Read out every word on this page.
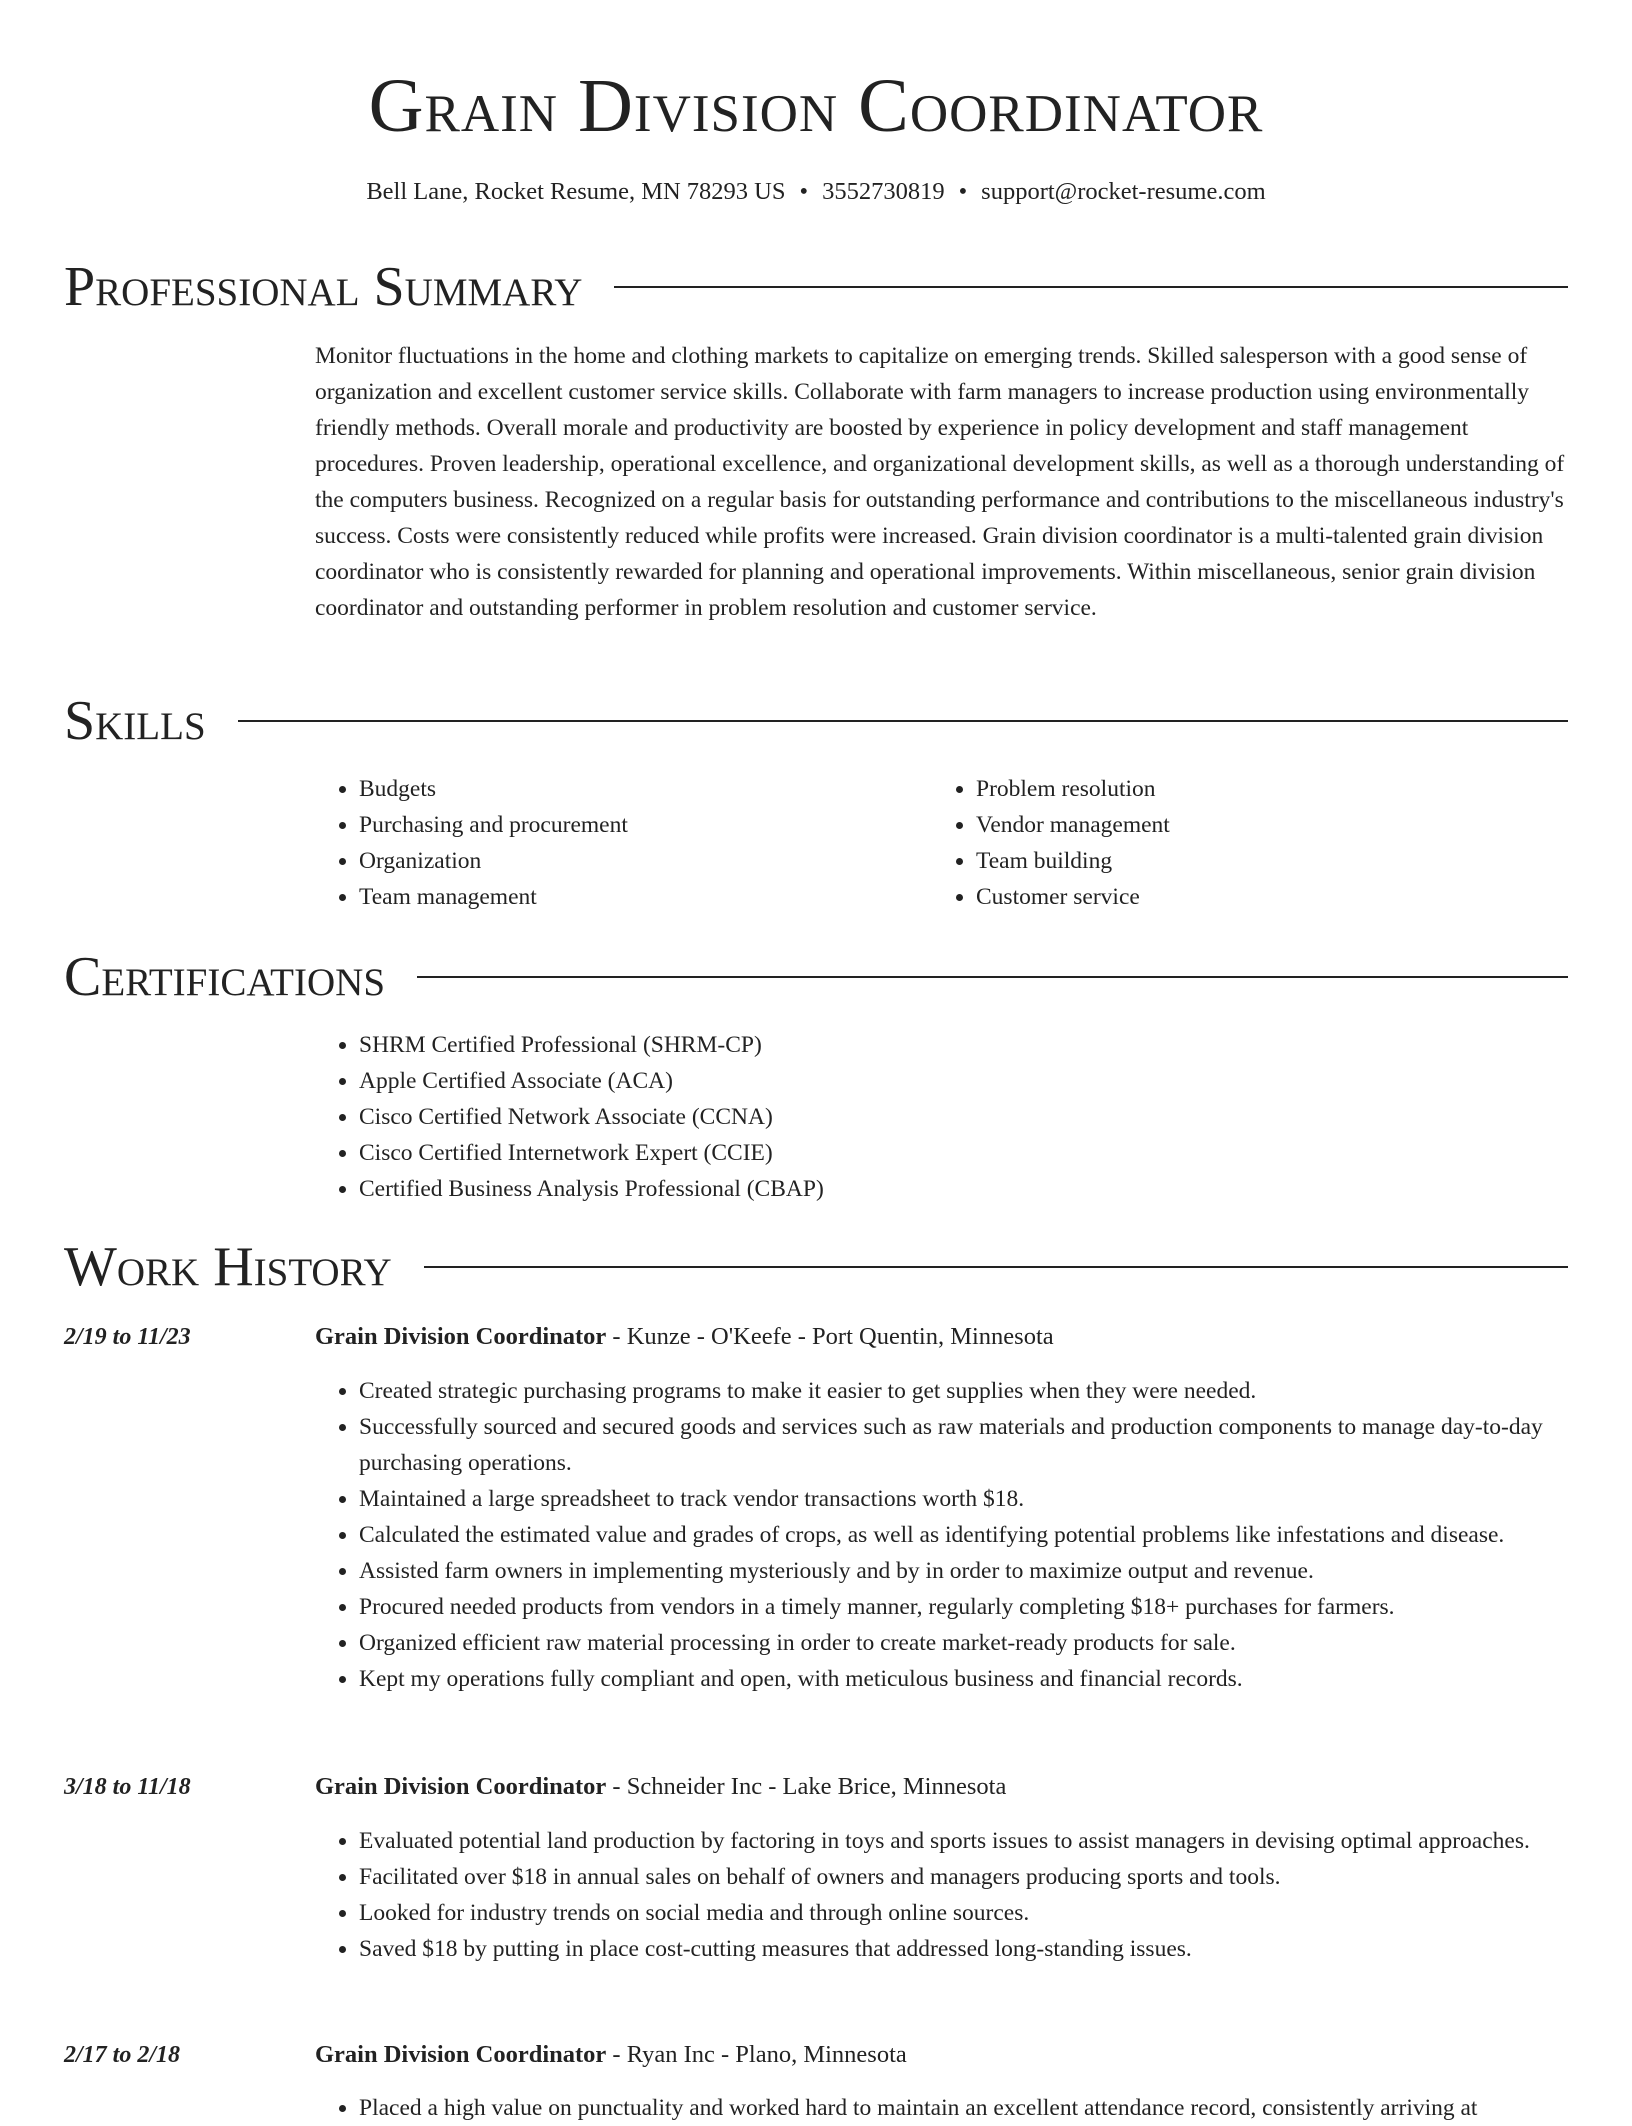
Grain Division Coordinator
Bell Lane, Rocket Resume, MN 78293 US • 3552730819 • support@rocket-resume.com
Professional Summary
Monitor fluctuations in the home and clothing markets to capitalize on emerging trends. Skilled salesperson with a good sense of organization and excellent customer service skills. Collaborate with farm managers to increase production using environmentally friendly methods. Overall morale and productivity are boosted by experience in policy development and staff management procedures. Proven leadership, operational excellence, and organizational development skills, as well as a thorough understanding of the computers business. Recognized on a regular basis for outstanding performance and contributions to the miscellaneous industry's success. Costs were consistently reduced while profits were increased. Grain division coordinator is a multi-talented grain division coordinator who is consistently rewarded for planning and operational improvements. Within miscellaneous, senior grain division coordinator and outstanding performer in problem resolution and customer service.
Skills
• Budgets
• Purchasing and procurement
• Organization
• Team management
• Problem resolution
• Vendor management
• Team building
• Customer service
Certifications
• SHRM Certified Professional (SHRM-CP)
• Apple Certified Associate (ACA)
• Cisco Certified Network Associate (CCNA)
• Cisco Certified Internetwork Expert (CCIE)
• Certified Business Analysis Professional (CBAP)
Work History
2/19 to 11/23	Grain Division Coordinator - Kunze - O'Keefe - Port Quentin, Minnesota
• Created strategic purchasing programs to make it easier to get supplies when they were needed.
• Successfully sourced and secured goods and services such as raw materials and production components to manage day-to-day purchasing operations.
• Maintained a large spreadsheet to track vendor transactions worth $18.
• Calculated the estimated value and grades of crops, as well as identifying potential problems like infestations and disease.
• Assisted farm owners in implementing mysteriously and by in order to maximize output and revenue.
• Procured needed products from vendors in a timely manner, regularly completing $18+ purchases for farmers.
• Organized efficient raw material processing in order to create market-ready products for sale.
• Kept my operations fully compliant and open, with meticulous business and financial records.
3/18 to 11/18	Grain Division Coordinator - Schneider Inc - Lake Brice, Minnesota
• Evaluated potential land production by factoring in toys and sports issues to assist managers in devising optimal approaches.
• Facilitated over $18 in annual sales on behalf of owners and managers producing sports and tools.
• Looked for industry trends on social media and through online sources.
• Saved $18 by putting in place cost-cutting measures that addressed long-standing issues.
2/17 to 2/18	Grain Division Coordinator - Ryan Inc - Plano, Minnesota
• Placed a high value on punctuality and worked hard to maintain an excellent attendance record, consistently arriving at
